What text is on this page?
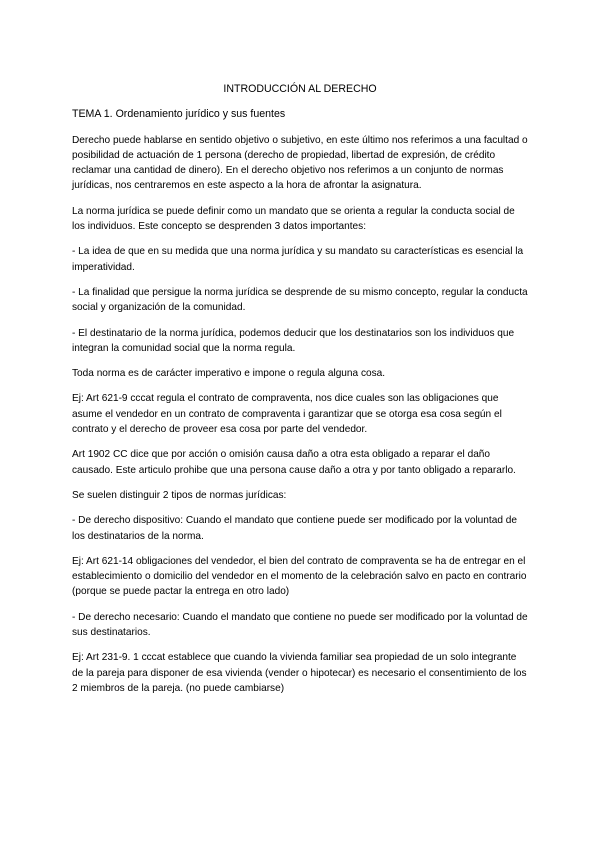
INTRODUCCIÓN AL DERECHO
TEMA 1. Ordenamiento jurídico y sus fuentes

Derecho puede hablarse en sentido objetivo o subjetivo, en este último nos referimos a una facultad o posibilidad de actuación de 1 persona (derecho de propiedad, libertad de expresión, de crédito reclamar una cantidad de dinero). En el derecho objetivo nos referimos a un conjunto de normas jurídicas, nos centraremos en este aspecto a la hora de afrontar la asignatura.

La norma jurídica se puede definir como un mandato que se orienta a regular la conducta social de los individuos. Este concepto se desprenden 3 datos importantes:

- La idea de que en su medida que una norma jurídica y su mandato su características es esencial la imperatividad.

- La finalidad que persigue la norma jurídica se desprende de su mismo concepto, regular la conducta social y organización de la comunidad.

- El destinatario de la norma jurídica, podemos deducir que los destinatarios son los individuos que integran la comunidad social que la norma regula.

Toda norma es de carácter imperativo e impone o regula alguna cosa.

Ej: Art 621-9 cccat regula el contrato de compraventa, nos dice cuales son las obligaciones que asume el vendedor en un contrato de compraventa i garantizar que se otorga esa cosa según el contrato y el derecho de proveer esa cosa por parte del vendedor.

Art 1902 CC dice que por acción o omisión causa daño a otra esta obligado a reparar el daño causado. Este articulo prohibe que una persona cause daño a otra y por tanto obligado a repararlo.

Se suelen distinguir 2 tipos de normas jurídicas:

- De derecho dispositivo: Cuando el mandato que contiene puede ser modificado por la voluntad de los destinatarios de la norma.

Ej: Art 621-14 obligaciones del vendedor, el bien del contrato de compraventa se ha de entregar en el establecimiento o domicilio del vendedor en el momento de la celebración salvo en pacto en contrario (porque se puede pactar la entrega en otro lado)

- De derecho necesario: Cuando el mandato que contiene no puede ser modificado por la voluntad de sus destinatarios.

Ej: Art 231-9. 1 cccat establece que cuando la vivienda familiar sea propiedad de un solo integrante de la pareja para disponer de esa vivienda (vender o hipotecar) es necesario el consentimiento de los 2 miembros de la pareja. (no puede cambiarse)
